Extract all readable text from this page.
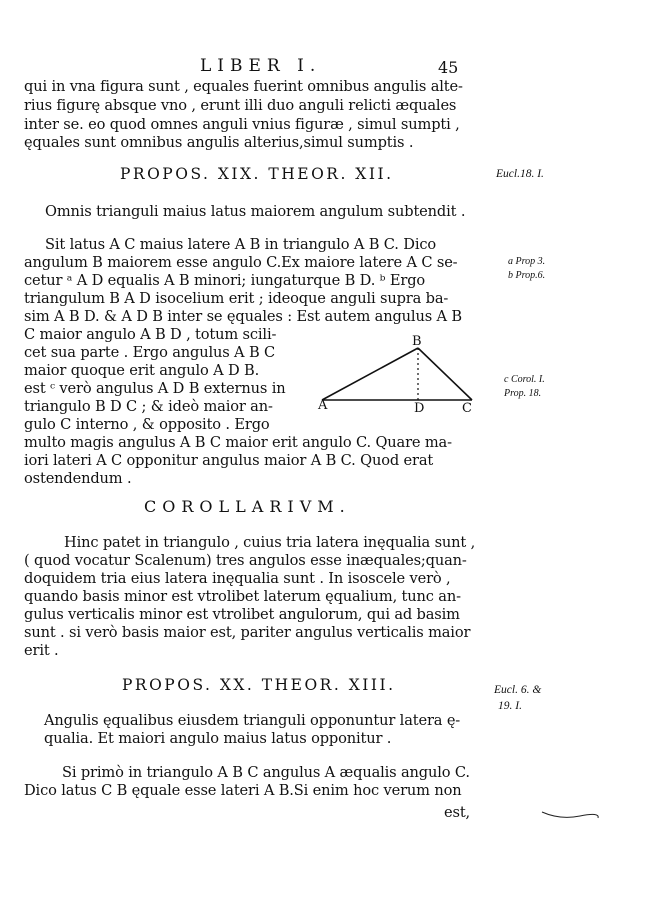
LIBER I.	45
qui in vna figura sunt , equales fuerint omnibus angulis alte-
rius figurę absque vno , erunt illi duo anguli relicti æquales
inter se. eo quod omnes anguli vnius figuræ , simul sumpti ,
ęquales sunt omnibus angulis alterius,simul sumptis .
PROPOS. XIX. THEOR. XII.	Eucl.18. I.
Omnis trianguli maius latus maiorem angulum subtendit .
Sit latus A C maius latere A B in triangulo A B C. Dico
angulum B maiorem esse angulo C.Ex maiore latere A C se-
cetur ᵃ A D equalis A B minori; iungaturque B D. ᵇ Ergo
triangulum B A D isocelium erit ; ideoque anguli supra ba-
sim A B D. & A D B inter se ęquales : Est autem angulus A B
C maior angulo A B D , totum scili-
cet sua parte . Ergo angulus A B C
maior quoque erit angulo A D B.
est ᶜ verò angulus A D B externus in
triangulo B D C ; & ideò maior an-
gulo C interno , & opposito . Ergo
multo magis angulus A B C maior erit angulo C. Quare ma-
iori lateri A C opponitur angulus maior A B C. Quod erat
ostendendum .
a Prop 3.
b Prop.6.
c Corol. I.
Prop. 18.
B
A	D	C
COROLLARIVM.
Hinc patet in triangulo , cuius tria latera inęqualia sunt ,
( quod vocatur Scalenum) tres angulos esse inæquales;quan-
doquidem tria eius latera inęqualia sunt . In isoscele verò ,
quando basis minor est vtrolibet laterum ęqualium, tunc an-
gulus verticalis minor est vtrolibet angulorum, qui ad basim
sunt . si verò basis maior est, pariter angulus verticalis maior
erit .
PROPOS. XX. THEOR. XIII.	Eucl. 6. &
19. I.
Angulis ęqualibus eiusdem trianguli opponuntur latera ę-
qualia. Et maiori angulo maius latus opponitur .
Si primò in triangulo A B C angulus A æqualis angulo C.
Dico latus C B ęquale esse lateri A B.Si enim hoc verum non
est,
